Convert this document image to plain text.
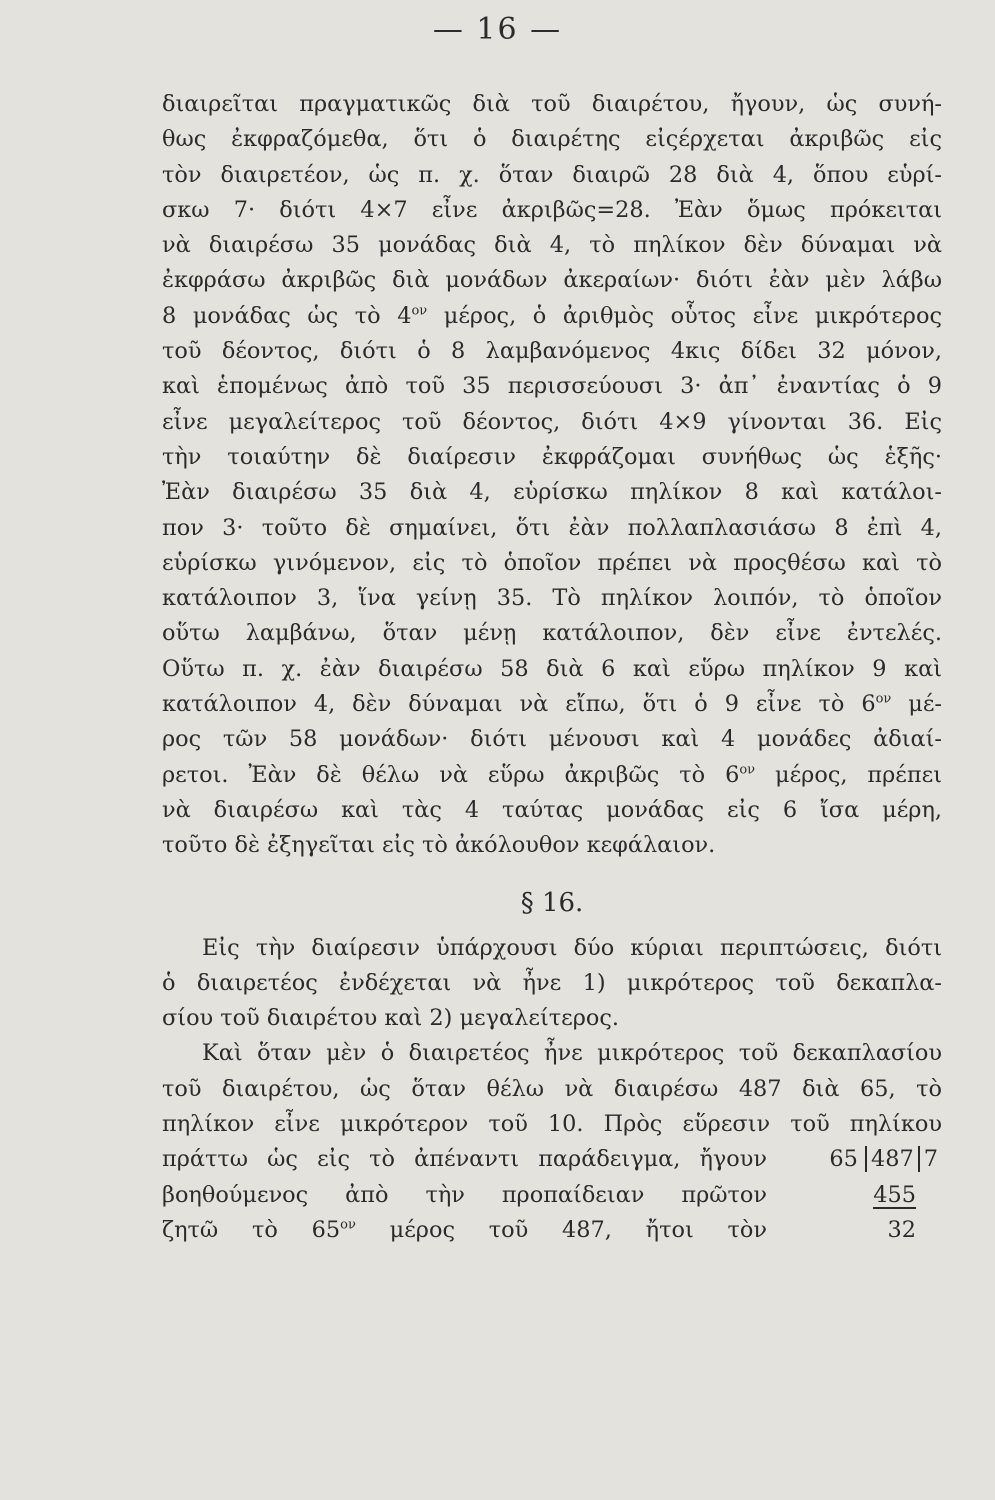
— 16 —
διαιρεῖται πραγματικῶς διὰ τοῦ διαιρέτου, ἤγουν, ὡς συνή-
θως ἐκφραζόμεθα, ὅτι ὁ διαιρέτης εἰςέρχεται ἀκριβῶς εἰς
τὸν διαιρετέον, ὡς π. χ. ὅταν διαιρῶ 28 διὰ 4, ὅπου εὑρί-
σκω 7· διότι 4×7 εἶνε ἀκριβῶς=28. Ἐὰν ὅμως πρόκειται
νὰ διαιρέσω 35 μονάδας διὰ 4, τὸ πηλίκον δὲν δύναμαι νὰ
ἐκφράσω ἀκριβῶς διὰ μονάδων ἀκεραίων· διότι ἐὰν μὲν λάβω
8 μονάδας ὡς τὸ $4^{o\nu}$ μέρος, ὁ ἀριθμὸς οὗτος εἶνε μικρότερος
τοῦ δέοντος, διότι ὁ 8 λαμβανόμενος 4κις δίδει 32 μόνον,
καὶ ἑπομένως ἀπὸ τοῦ 35 περισσεύουσι 3· ἀπ᾽ ἐναντίας ὁ 9
εἶνε μεγαλείτερος τοῦ δέοντος, διότι 4×9 γίνονται 36. Εἰς
τὴν τοιαύτην δὲ διαίρεσιν ἐκφράζομαι συνήθως ὡς ἑξῆς·
Ἐὰν διαιρέσω 35 διὰ 4, εὑρίσκω πηλίκον 8 καὶ κατάλοι-
πον 3· τοῦτο δὲ σημαίνει, ὅτι ἐὰν πολλαπλασιάσω 8 ἐπὶ 4,
εὑρίσκω γινόμενον, εἰς τὸ ὁποῖον πρέπει νὰ προςθέσω καὶ τὸ
κατάλοιπον 3, ἵνα γείνῃ 35. Τὸ πηλίκον λοιπόν, τὸ ὁποῖον
οὕτω λαμβάνω, ὅταν μένῃ κατάλοιπον, δὲν εἶνε ἐντελές.
Οὕτω π. χ. ἐὰν διαιρέσω 58 διὰ 6 καὶ εὕρω πηλίκον 9 καὶ
κατάλοιπον 4, δὲν δύναμαι νὰ εἴπω, ὅτι ὁ 9 εἶνε τὸ $6^{o\nu}$ μέ-
ρος τῶν 58 μονάδων· διότι μένουσι καὶ 4 μονάδες ἀδιαί-
ρετοι. Ἐὰν δὲ θέλω νὰ εὕρω ἀκριβῶς τὸ $6^{o\nu}$ μέρος, πρέπει
νὰ διαιρέσω καὶ τὰς 4 ταύτας μονάδας εἰς 6 ἴσα μέρη,
τοῦτο δὲ ἐξηγεῖται εἰς τὸ ἀκόλουθον κεφάλαιον.
§ 16.
Εἰς τὴν διαίρεσιν ὑπάρχουσι δύο κύριαι περιπτώσεις, διότι
ὁ διαιρετέος ἐνδέχεται νὰ ἦνε 1) μικρότερος τοῦ δεκαπλα-
σίου τοῦ διαιρέτου καὶ 2) μεγαλείτερος.
Καὶ ὅταν μὲν ὁ διαιρετέος ἦνε μικρότερος τοῦ δεκαπλασίου
τοῦ διαιρέτου, ὡς ὅταν θέλω νὰ διαιρέσω 487 διὰ 65, τὸ
πηλίκον εἶνε μικρότερον τοῦ 10. Πρὸς εὕρεσιν τοῦ πηλίκου
πράττω ὡς εἰς τὸ ἀπέναντι παράδειγμα, ἤγουν	65 487 7
βοηθούμενος ἀπὸ τὴν προπαίδειαν πρῶτον	455
ζητῶ τὸ $65^{o\nu}$ μέρος τοῦ 487, ἤτοι τὸν	32
